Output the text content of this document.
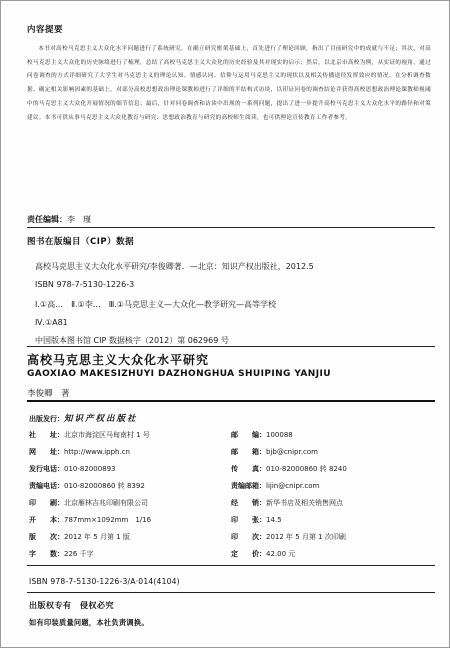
内容提要
本书对高校马克思主义大众化水平问题进行了系统研究。在确立研究框架基础上，首先进行了理论回顾，指出了目前研究中的成就与不足；其次，对高校马克思主义大众化的历史脉络进行了梳理，总结了高校马克思主义大众化的历史经验及其对现实的启示；然后，以北京市高校为例，从实证的视角，通过问卷调查的方式详细研究了大学生对马克思主义的理论认知、情感认同、信仰与运用马克思主义的现状以及相关传播途径发挥效应的情况。在分析调查数据、确定相关影响因素的基础上，对部分高校思想政治理论课教师进行了详细的半结构式访谈，以印证问卷的调查结论并获得高校思想政治理论课教师视阈中的马克思主义大众化开展情况的细节信息；最后，针对问卷调查和访谈中出现的一系列问题，提出了进一步提升高校马克思主义大众化水平的路径和对策建议。本书可供从事马克思主义大众化教育与研究、思想政治教育与研究的高校师生阅读，也可供理论宣传教育工作者参考。
责任编辑：李　瑾
图书在版编目（CIP）数据
高校马克思主义大众化水平研究/李俊卿著．—北京：知识产权出版社，2012.5
ISBN 978-7-5130-1226-3
Ⅰ.①高…　Ⅱ.①李…　Ⅲ.①马克思主义—大众化—教学研究—高等学校
Ⅳ.①A81
中国版本图书馆 CIP 数据核字（2012）第 062969 号
高校马克思主义大众化水平研究
GAOXIAO MAKESIZHUYI DAZHONGHUA SHUIPING YANJIU
李俊卿　著
出版发行：知识产权出版社
社　　址：北京市海淀区马甸南村 1 号
网　　址：http://www.ipph.cn
发行电话：010-82000893
责编电话：010-82000860 转 8392
印　　刷：北京雁林吉兆印刷有限公司
开　　本：787mm×1092mm　1/16
版　　次：2012 年 5 月第 1 版
字　　数：226 千字
邮　　编：100088
邮　　箱：bjb@cnipr.com
传　　真：010-82000860 转 8240
责编邮箱：lijin@cnipr.com
经　　销：新华书店及相关销售网点
印　　张：14.5
印　　次：2012 年 5 月第 1 次印刷
定　　价：42.00 元
ISBN 978-7-5130-1226-3/A·014(4104)
出版权专有　侵权必究
如有印装质量问题，本社负责调换。
